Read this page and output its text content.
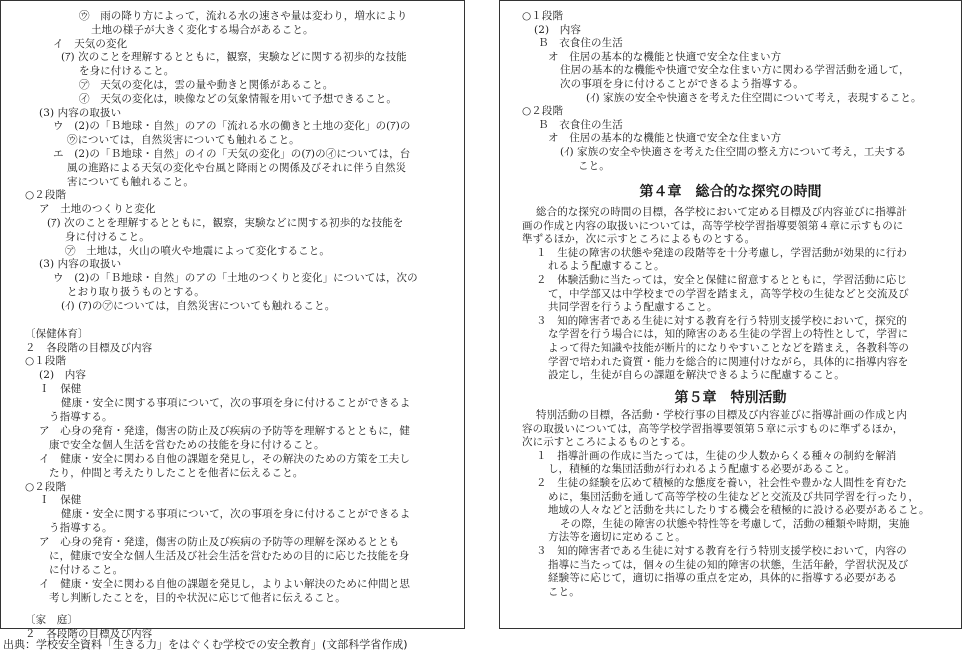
㋒　雨の降り方によって，流れる水の速さや量は変わり，増水により
土地の様子が大きく変化する場合があること。
イ　天気の変化
(ｱ) 次のことを理解するとともに，観察，実験などに関する初歩的な技能
を身に付けること。
㋐　天気の変化は，雲の量や動きと関係があること。
㋑　天気の変化は，映像などの気象情報を用いて予想できること。
(3) 内容の取扱い
ウ　(2)の「Ｂ地球・自然」のアの「流れる水の働きと土地の変化」の(ｱ)の
㋒については，自然災害についても触れること。
エ　(2)の「Ｂ地球・自然」のイの「天気の変化」の(ｱ)の㋑については，台
風の進路による天気の変化や台風と降雨との関係及びそれに伴う自然災
害についても触れること。
○２段階
ア　土地のつくりと変化
(ｱ) 次のことを理解するとともに，観察，実験などに関する初歩的な技能を
身に付けること。
㋐　土地は，火山の噴火や地震によって変化すること。
(3) 内容の取扱い
ウ　(2)の「Ｂ地球・自然」のアの「土地のつくりと変化」については，次の
とおり取り扱うものとする。
(ｲ) (ｱ)の㋐については，自然災害についても触れること。
〔保健体育〕
２　各段階の目標及び内容
○１段階
(2)　内容
Ｉ　保健
健康・安全に関する事項について，次の事項を身に付けることができるよ
う指導する。
ア　心身の発育・発達，傷害の防止及び疾病の予防等を理解するとともに，健
康で安全な個人生活を営むための技能を身に付けること。
イ　健康・安全に関わる自他の課題を発見し，その解決のための方策を工夫し
たり，仲間と考えたりしたことを他者に伝えること。
○２段階
Ｉ　保健
健康・安全に関する事項について，次の事項を身に付けることができるよ
う指導する。
ア　心身の発育・発達，傷害の防止及び疾病の予防等の理解を深めるととも
に，健康で安全な個人生活及び社会生活を営むための目的に応じた技能を身
に付けること。
イ　健康・安全に関わる自他の課題を発見し，よりよい解決のために仲間と思
考し判断したことを，目的や状況に応じて他者に伝えること。
〔家　庭〕
２　各段階の目標及び内容
○１段階
(2)　内容
Ｂ　衣食住の生活
オ　住居の基本的な機能と快適で安全な住まい方
住居の基本的な機能や快適で安全な住まい方に関わる学習活動を通して，
次の事項を身に付けることができるよう指導する。
(ｲ) 家族の安全や快適さを考えた住空間について考え，表現すること。
○２段階
Ｂ　衣食住の生活
オ　住居の基本的な機能と快適で安全な住まい方
(ｲ) 家族の安全や快適さを考えた住空間の整え方について考え，工夫する
こと。
第４章　総合的な探究の時間
総合的な探究の時間の目標，各学校において定める目標及び内容並びに指導計
画の作成と内容の取扱いについては，高等学校学習指導要領第４章に示すものに
準ずるほか，次に示すところによるものとする。
１　生徒の障害の状態や発達の段階等を十分考慮し，学習活動が効果的に行わ
れるよう配慮すること。
２　体験活動に当たっては，安全と保健に留意するとともに，学習活動に応じ
て，中学部又は中学校までの学習を踏まえ，高等学校の生徒などと交流及び
共同学習を行うよう配慮すること。
３　知的障害者である生徒に対する教育を行う特別支援学校において，探究的
な学習を行う場合には，知的障害のある生徒の学習上の特性として，学習に
よって得た知識や技能が断片的になりやすいことなどを踏まえ，各教科等の
学習で培われた資質・能力を総合的に関連付けながら，具体的に指導内容を
設定し，生徒が自らの課題を解決できるように配慮すること。
第５章　特別活動
特別活動の目標，各活動・学校行事の目標及び内容並びに指導計画の作成と内
容の取扱いについては，高等学校学習指導要領第５章に示すものに準ずるほか，
次に示すところによるものとする。
１　指導計画の作成に当たっては，生徒の少人数からくる種々の制約を解消
し，積極的な集団活動が行われるよう配慮する必要があること。
２　生徒の経験を広めて積極的な態度を養い，社会性や豊かな人間性を育むた
めに，集団活動を通して高等学校の生徒などと交流及び共同学習を行ったり，
地域の人々などと活動を共にしたりする機会を積極的に設ける必要があること。
その際，生徒の障害の状態や特性等を考慮して，活動の種類や時期，実施
方法等を適切に定めること。
３　知的障害者である生徒に対する教育を行う特別支援学校において，内容の
指導に当たっては，個々の生徒の知的障害の状態，生活年齢，学習状況及び
経験等に応じて，適切に指導の重点を定め，具体的に指導する必要がある
こと。
出典：学校安全資料「生きる力」をはぐくむ学校での安全教育」(文部科学省作成)
